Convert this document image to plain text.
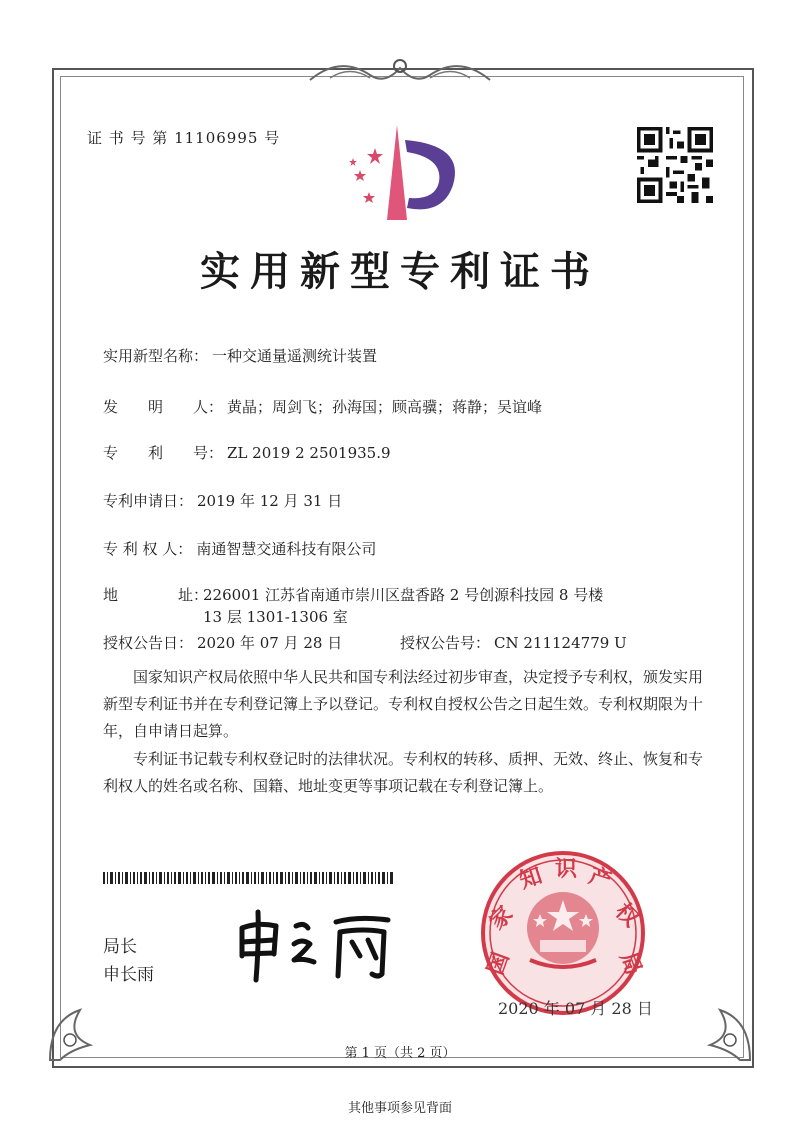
证 书 号 第 11106995 号
实用新型专利证书
实用新型名称： 一种交通量遥测统计装置
发　　明　　人： 黄晶；周剑飞；孙海国；顾高骥；蒋静；吴谊峰
专　　利　　号： ZL 2019 2 2501935.9
专利申请日： 2019 年 12 月 31 日
专 利 权 人： 南通智慧交通科技有限公司
地　　　　址：
226001 江苏省南通市崇川区盘香路 2 号创源科技园 8 号楼 13 层 1301-1306 室
授权公告日： 2020 年 07 月 28 日	授权公告号： CN 211124779 U
国家知识产权局依照中华人民共和国专利法经过初步审查，决定授予专利权，颁发实用新型专利证书并在专利登记簿上予以登记。专利权自授权公告之日起生效。专利权期限为十年，自申请日起算。
专利证书记载专利权登记时的法律状况。专利权的转移、质押、无效、终止、恢复和专利权人的姓名或名称、国籍、地址变更等事项记载在专利登记簿上。
局长
申长雨	国
家
知 识 产
权
局
2020 年 07 月 28 日
第 1 页（共 2 页）
其他事项参见背面
